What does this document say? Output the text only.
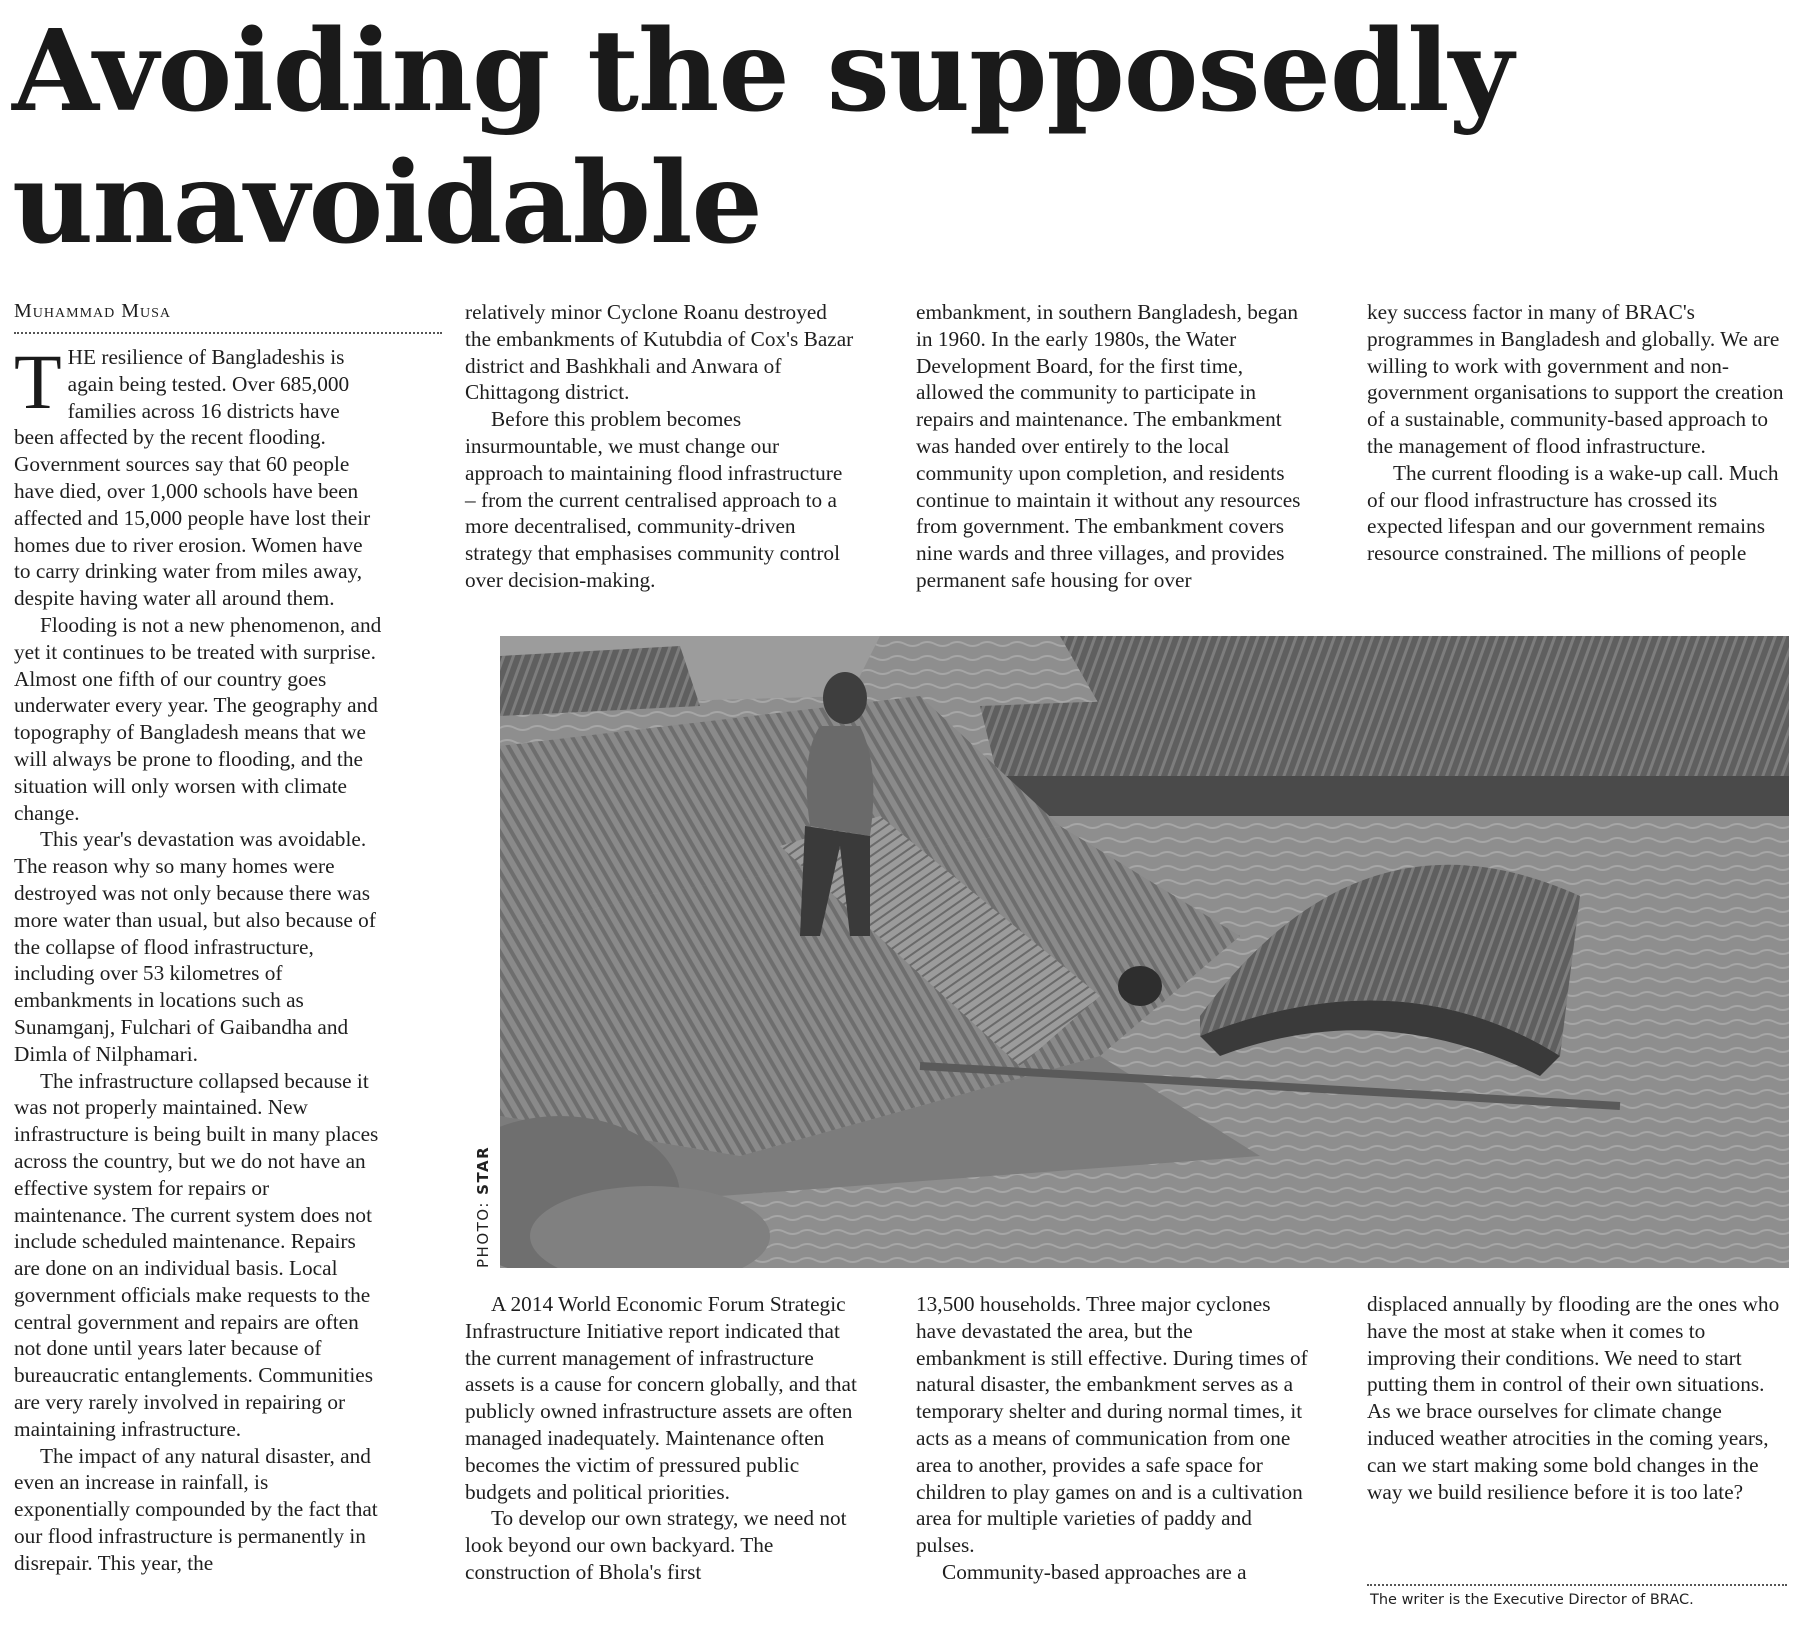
Avoiding the supposedly
unavoidable
Muhammad Musa

THE resilience of Bangladeshis is again being tested. Over 685,000 families across 16 districts have been affected by the recent flooding. Government sources say that 60 people have died, over 1,000 schools have been affected and 15,000 people have lost their homes due to river erosion. Women have to carry drinking water from miles away, despite having water all around them.

Flooding is not a new phenomenon, and yet it continues to be treated with surprise. Almost one fifth of our country goes underwater every year. The geography and topography of Bangladesh means that we will always be prone to flooding, and the situation will only worsen with climate change.

This year's devastation was avoidable. The reason why so many homes were destroyed was not only because there was more water than usual, but also because of the collapse of flood infrastructure, including over 53 kilometres of embankments in locations such as Sunamganj, Fulchari of Gaibandha and Dimla of Nilphamari.

The infrastructure collapsed because it was not properly maintained. New infrastructure is being built in many places across the country, but we do not have an effective system for repairs or maintenance. The current system does not include scheduled maintenance. Repairs are done on an individual basis. Local government officials make requests to the central government and repairs are often not done until years later because of bureaucratic entanglements. Communities are very rarely involved in repairing or maintaining infrastructure.

The impact of any natural disaster, and even an increase in rainfall, is exponentially compounded by the fact that our flood infrastructure is permanently in disrepair. This year, the

relatively minor Cyclone Roanu destroyed the embankments of Kutubdia of Cox's Bazar district and Bashkhali and Anwara of Chittagong district.

Before this problem becomes insurmountable, we must change our approach to maintaining flood infrastructure – from the current centralised approach to a more decentralised, community-driven strategy that emphasises community control over decision-making.

embankment, in southern Bangladesh, began in 1960. In the early 1980s, the Water Development Board, for the first time, allowed the community to participate in repairs and maintenance. The embankment was handed over entirely to the local community upon completion, and residents continue to maintain it without any resources from government. The embankment covers nine wards and three villages, and provides permanent safe housing for over

key success factor in many of BRAC's programmes in Bangladesh and globally. We are willing to work with government and non-government organisations to support the creation of a sustainable, community-based approach to the management of flood infrastructure.

The current flooding is a wake-up call. Much of our flood infrastructure has crossed its expected lifespan and our government remains resource constrained. The millions of people

PHOTO: STAR

A 2014 World Economic Forum Strategic Infrastructure Initiative report indicated that the current management of infrastructure assets is a cause for concern globally, and that publicly owned infrastructure assets are often managed inadequately. Maintenance often becomes the victim of pressured public budgets and political priorities.

To develop our own strategy, we need not look beyond our own backyard. The construction of Bhola's first

13,500 households. Three major cyclones have devastated the area, but the embankment is still effective. During times of natural disaster, the embankment serves as a temporary shelter and during normal times, it acts as a means of communication from one area to another, provides a safe space for children to play games on and is a cultivation area for multiple varieties of paddy and pulses.

Community-based approaches are a

displaced annually by flooding are the ones who have the most at stake when it comes to improving their conditions. We need to start putting them in control of their own situations. As we brace ourselves for climate change induced weather atrocities in the coming years, can we start making some bold changes in the way we build resilience before it is too late?

The writer is the Executive Director of BRAC.
